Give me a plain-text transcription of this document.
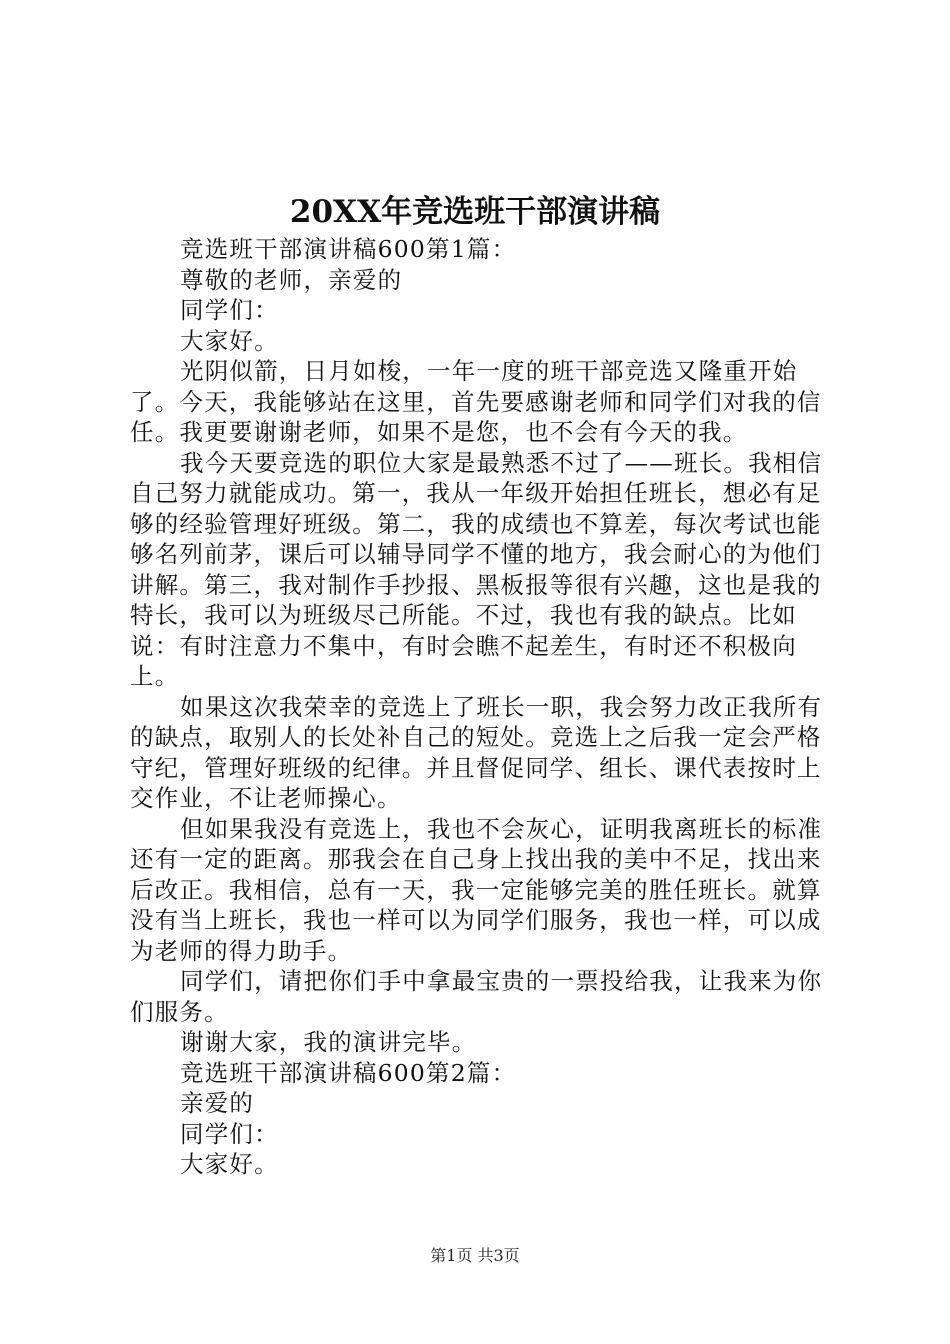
20XX年竞选班干部演讲稿

竞选班干部演讲稿600第1篇：

尊敬的老师，亲爱的

同学们：

大家好。

光阴似箭，日月如梭，一年一度的班干部竞选又隆重开始了。今天，我能够站在这里，首先要感谢老师和同学们对我的信任。我更要谢谢老师，如果不是您，也不会有今天的我。

我今天要竞选的职位大家是最熟悉不过了——班长。我相信自己努力就能成功。第一，我从一年级开始担任班长，想必有足够的经验管理好班级。第二，我的成绩也不算差，每次考试也能够名列前茅，课后可以辅导同学不懂的地方，我会耐心的为他们讲解。第三，我对制作手抄报、黑板报等很有兴趣，这也是我的特长，我可以为班级尽己所能。不过，我也有我的缺点。比如说：有时注意力不集中，有时会瞧不起差生，有时还不积极向上。

如果这次我荣幸的竞选上了班长一职，我会努力改正我所有的缺点，取别人的长处补自己的短处。竞选上之后我一定会严格守纪，管理好班级的纪律。并且督促同学、组长、课代表按时上交作业，不让老师操心。

但如果我没有竞选上，我也不会灰心，证明我离班长的标准还有一定的距离。那我会在自己身上找出我的美中不足，找出来后改正。我相信，总有一天，我一定能够完美的胜任班长。就算没有当上班长，我也一样可以为同学们服务，我也一样，可以成为老师的得力助手。

同学们，请把你们手中拿最宝贵的一票投给我，让我来为你们服务。

谢谢大家，我的演讲完毕。

竞选班干部演讲稿600第2篇：

亲爱的

同学们：

大家好。

第1页 共3页
